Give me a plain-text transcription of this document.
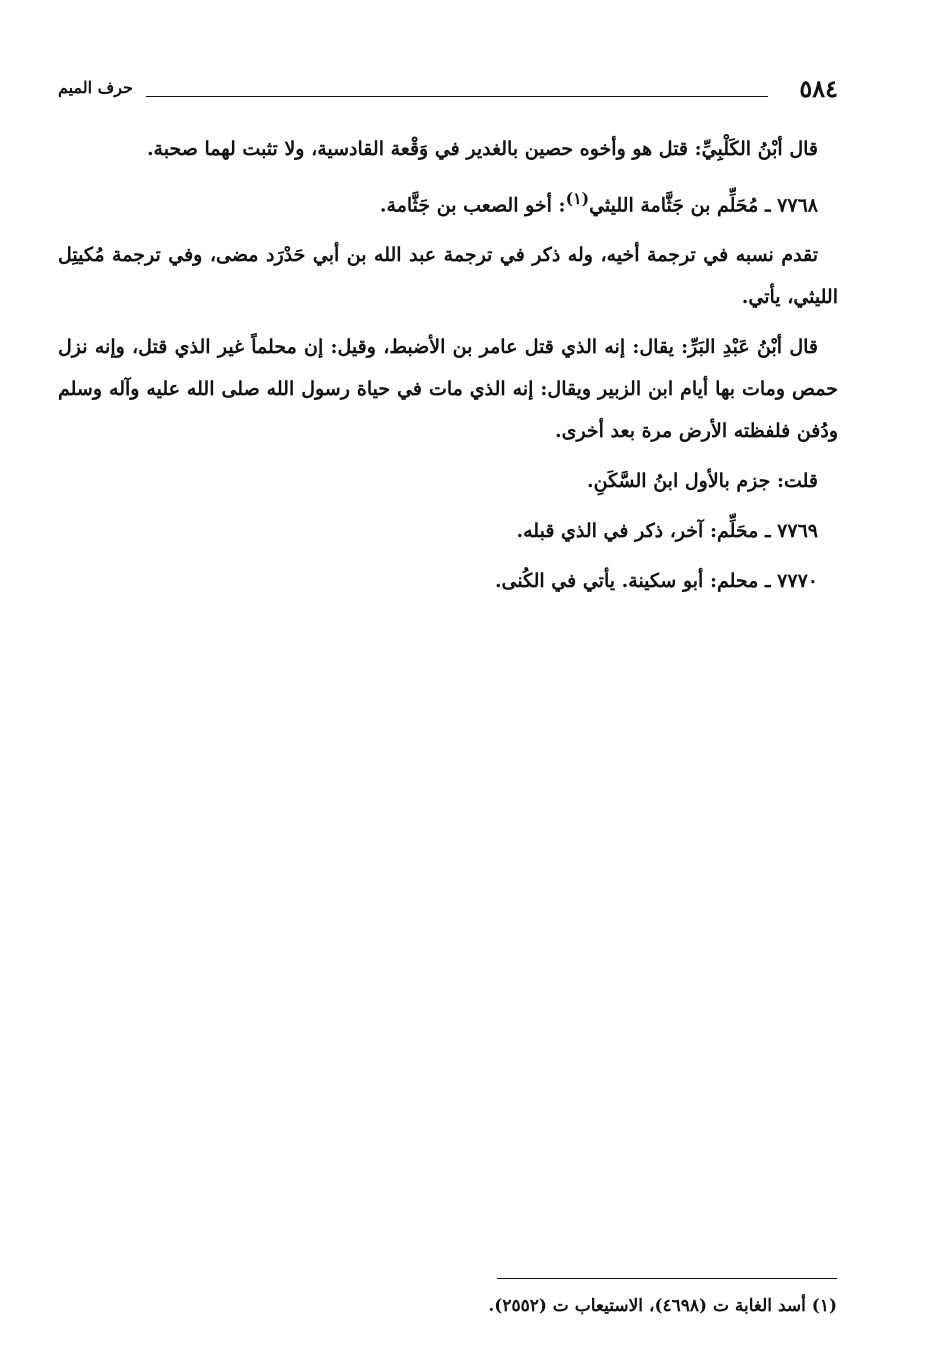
٥٨٤
حرف الميم

قال أبْنُ الكَلْبِيِّ: قتل هو وأخوه حصين بالغدير في وَقْعة القادسية، ولا تثبت لهما صحبة.

٧٧٦٨ ـ مُحَلِّم بن جَثَّامة الليثي$^{(١)}$: أخو الصعب بن جَثَّامة.

تقدم نسبه في ترجمة أخيه، وله ذكر في ترجمة عبد الله بن أبي حَدْرَد مضى، وفي ترجمة مُكيتِل الليثي، يأتي.

قال أبْنُ عَبْدِ البَرِّ: يقال: إنه الذي قتل عامر بن الأضبط، وقيل: إن محلماً غير الذي قتل، وإنه نزل حمص ومات بها أيام ابن الزبير ويقال: إنه الذي مات في حياة رسول الله صلى الله عليه وآله وسلم ودُفن فلفظته الأرض مرة بعد أخرى.

قلت: جزم بالأول ابنُ السَّكَنِ.

٧٧٦٩ ـ محَلِّم: آخر، ذكر في الذي قبله.

٧٧٧٠ ـ محلم: أبو سكينة. يأتي في الكُنى.

(١) أسد الغابة ت (٤٦٩٨)، الاستيعاب ت (٢٥٥٢).
